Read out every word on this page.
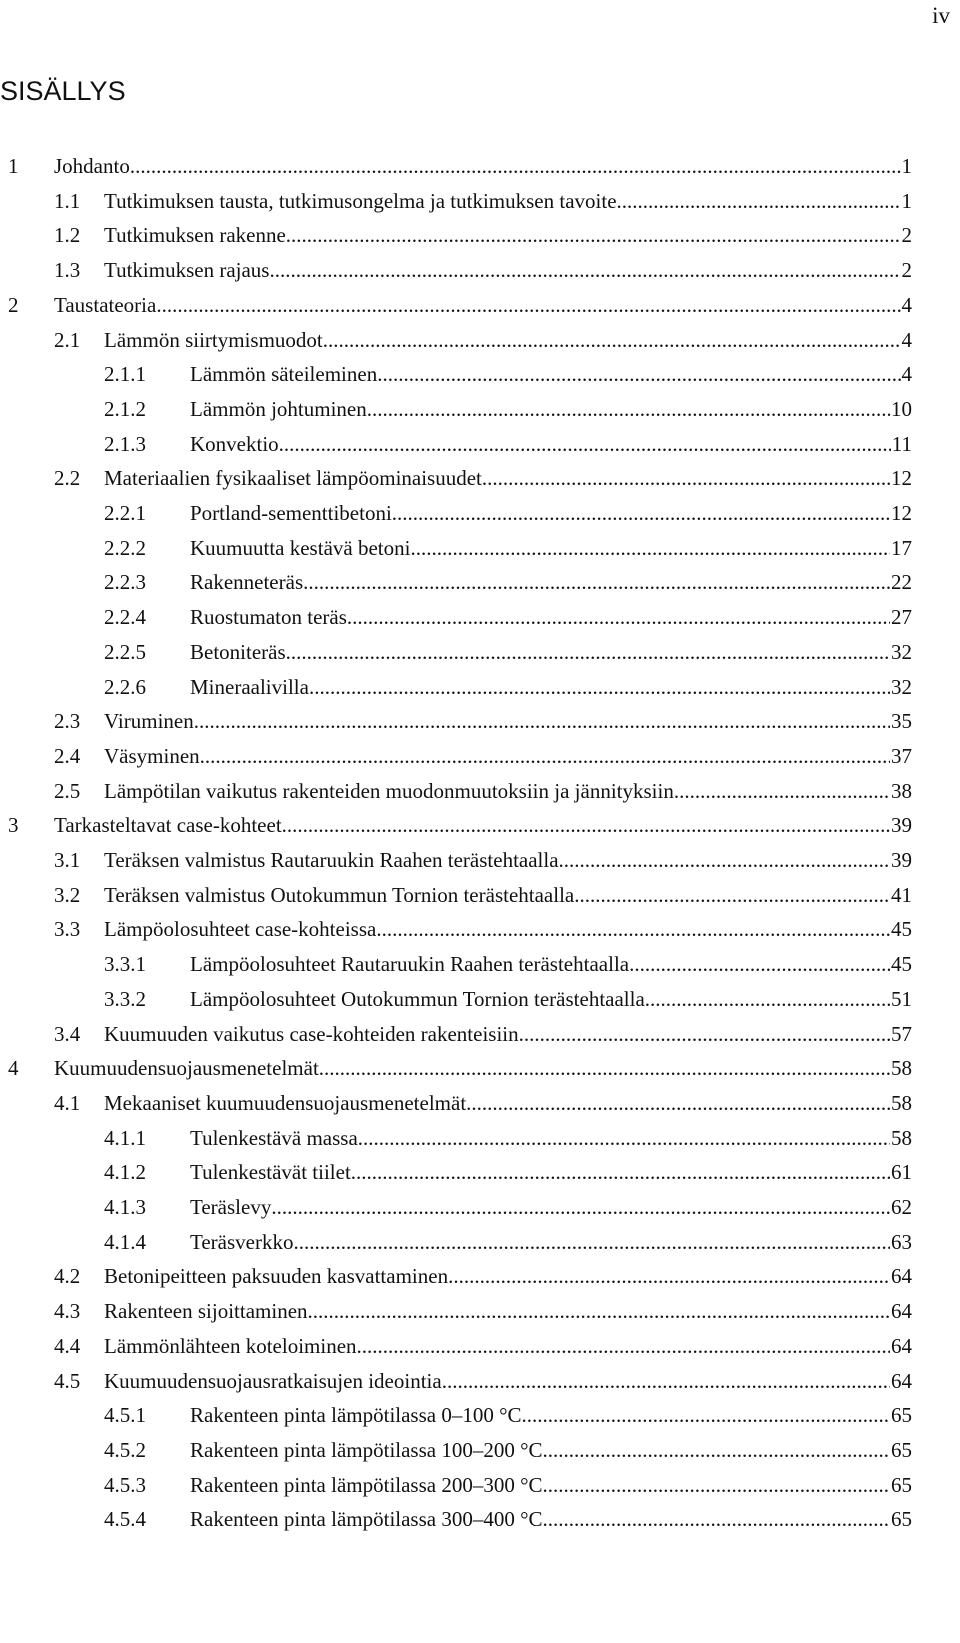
iv
SISÄLLYS
1 Johdanto .....	1
1.1 Tutkimuksen tausta, tutkimusongelma ja tutkimuksen tavoite .....	1
1.2 Tutkimuksen rakenne .....	2
1.3 Tutkimuksen rajaus .....	2
2 Taustateoria .....	4
2.1 Lämmön siirtymismuodot .....	4
2.1.1 Lämmön säteileminen .....	4
2.1.2 Lämmön johtuminen .....	10
2.1.3 Konvektio .....	11
2.2 Materiaalien fysikaaliset lämpöominaisuudet .....	12
2.2.1 Portland-sementtibetoni .....	12
2.2.2 Kuumuutta kestävä betoni .....	17
2.2.3 Rakenneteräs .....	22
2.2.4 Ruostumaton teräs .....	27
2.2.5 Betoniteräs .....	32
2.2.6 Mineraalivilla .....	32
2.3 Viruminen .....	35
2.4 Väsyminen .....	37
2.5 Lämpötilan vaikutus rakenteiden muodonmuutoksiin ja jännityksiin .....	38
3 Tarkasteltavat case-kohteet .....	39
3.1 Teräksen valmistus Rautaruukin Raahen terästehtaalla .....	39
3.2 Teräksen valmistus Outokummun Tornion terästehtaalla .....	41
3.3 Lämpöolosuhteet case-kohteissa .....	45
3.3.1 Lämpöolosuhteet Rautaruukin Raahen terästehtaalla .....	45
3.3.2 Lämpöolosuhteet Outokummun Tornion terästehtaalla .....	51
3.4 Kuumuuden vaikutus case-kohteiden rakenteisiin .....	57
4 Kuumuudensuojausmenetelmät .....	58
4.1 Mekaaniset kuumuudensuojausmenetelmät .....	58
4.1.1 Tulenkestävä massa .....	58
4.1.2 Tulenkestävät tiilet .....	61
4.1.3 Teräslevy .....	62
4.1.4 Teräsverkko .....	63
4.2 Betonipeitteen paksuuden kasvattaminen .....	64
4.3 Rakenteen sijoittaminen .....	64
4.4 Lämmönlähteen koteloiminen .....	64
4.5 Kuumuudensuojausratkaisujen ideointia .....	64
4.5.1 Rakenteen pinta lämpötilassa 0–100 °C .....	65
4.5.2 Rakenteen pinta lämpötilassa 100–200 °C .....	65
4.5.3 Rakenteen pinta lämpötilassa 200–300 °C .....	65
4.5.4 Rakenteen pinta lämpötilassa 300–400 °C .....	65
